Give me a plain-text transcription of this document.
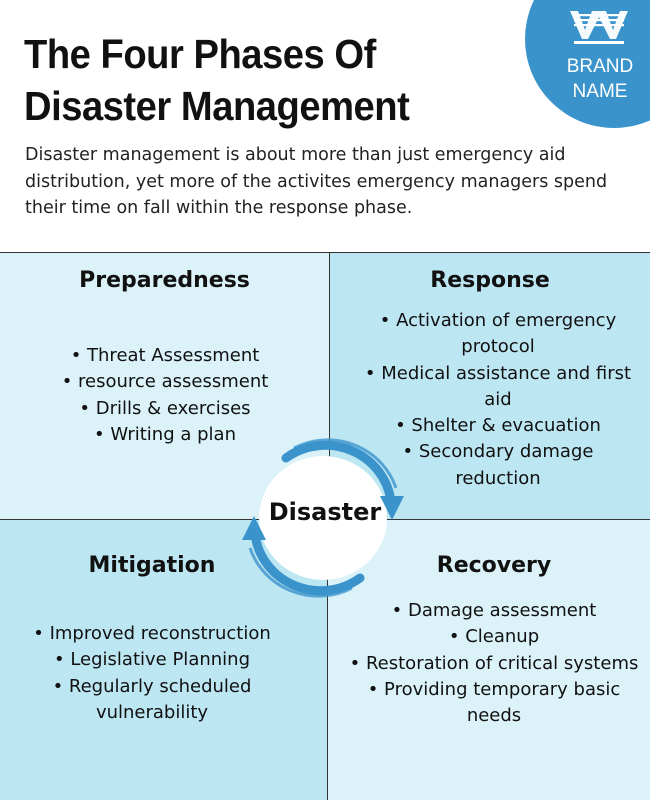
The Four Phases Of
Disaster Management

Disaster management is about more than just emergency aid distribution, yet more of the activites emergency managers spend their time on fall within the response phase.

BRAND
NAME
Preparedness
• Threat Assessment
• resource assessment
• Drills & exercises
• Writing a plan
Response
• Activation of emergency protocol
• Medical assistance and first aid
• Shelter & evacuation
• Secondary damage reduction
Mitigation
• Improved reconstruction
• Legislative Planning
• Regularly scheduled vulnerability
Recovery
• Damage assessment
• Cleanup
• Restoration of critical systems
• Providing temporary basic needs
Disaster
